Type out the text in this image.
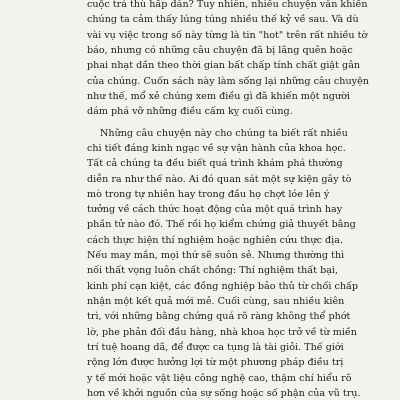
cuộc trả thù hấp dẫn? Tuy nhiên, nhiều chuyện vẫn khiến
chúng ta cảm thấy lúng túng nhiều thế kỷ về sau. Và dù
vài vụ việc trong số này từng là tin "hot" trên rất nhiều tờ
báo, nhưng có những câu chuyện đã bị lãng quên hoặc
phai nhạt dần theo thời gian bất chấp tính chất giật gân
của chúng. Cuốn sách này làm sống lại những câu chuyện
như thế, mổ xẻ chúng xem điều gì đã khiến một người
dám phá vỡ những điều cấm kỵ cuối cùng.
Những câu chuyện này cho chúng ta biết rất nhiều
chi tiết đáng kinh ngạc về sự vận hành của khoa học.
Tất cả chúng ta đều biết quá trình khám phá thường
diễn ra như thế nào. Ai đó quan sát một sự kiện gây tò
mò trong tự nhiên hay trong đầu họ chợt lóe lên ý
tưởng về cách thức hoạt động của một quá trình hay
phần tử nào đó. Thế rồi họ kiểm chứng giả thuyết bằng
cách thực hiện thí nghiệm hoặc nghiên cứu thực địa.
Nếu may mắn, mọi thứ sẽ suôn sẻ. Nhưng thường thì
nối thất vọng luôn chất chồng: Thí nghiệm thất bại,
kinh phí cạn kiệt, các đồng nghiệp bảo thủ từ chối chấp
nhận một kết quả mới mẻ. Cuối cùng, sau nhiều kiên
trì, với những bằng chứng quá rõ ràng không thể phớt
lờ, phe phản đối đầu hàng, nhà khoa học trở về từ miền
trí tuệ hoang dã, để được ca tụng là tài giỏi. Thế giới
rộng lớn được hưởng lợi từ một phương pháp điều trị
y tế mới hoặc vật liệu công nghệ cao, thậm chí hiểu rõ
hơn về khởi nguồn của sự sống hoặc số phận của vũ trụ.
